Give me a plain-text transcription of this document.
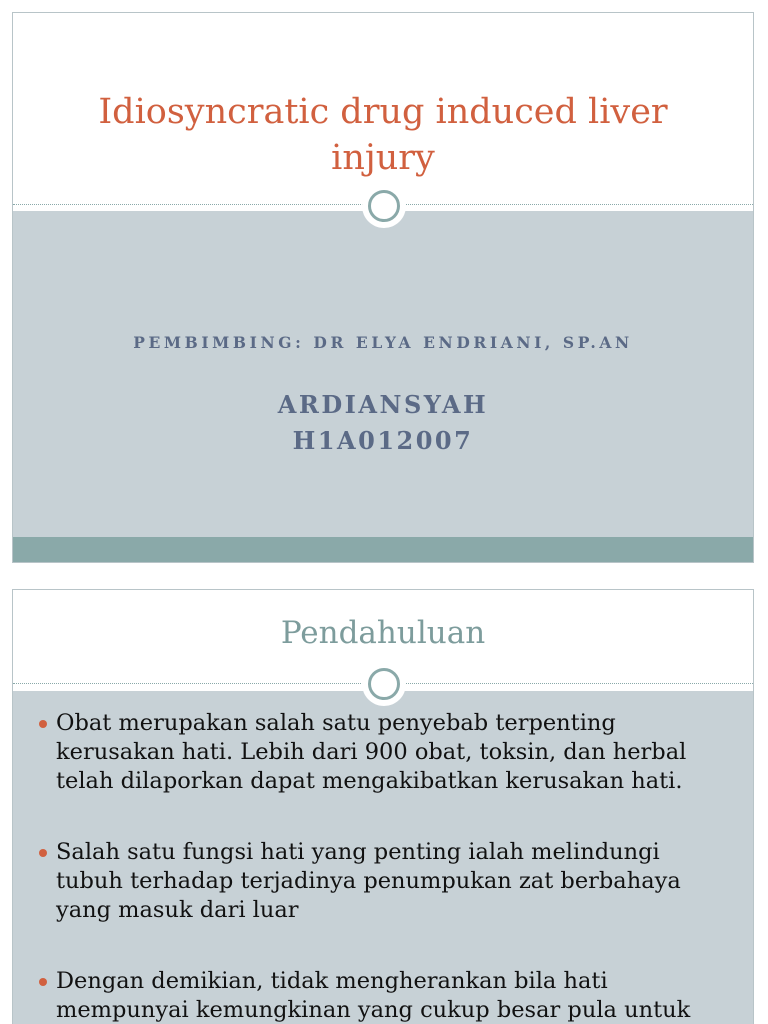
Idiosyncratic drug induced liver injury
PEMBIMBING: DR ELYA ENDRIANI, SP.AN
ARDIANSYAH
H1A012007
Pendahuluan
Obat merupakan salah satu penyebab terpenting kerusakan hati. Lebih dari 900 obat, toksin, dan herbal telah dilaporkan dapat mengakibatkan kerusakan hati.
Salah satu fungsi hati yang penting ialah melindungi tubuh terhadap terjadinya penumpukan zat berbahaya yang masuk dari luar
Dengan demikian, tidak mengherankan bila hati mempunyai kemungkinan yang cukup besar pula untuk
